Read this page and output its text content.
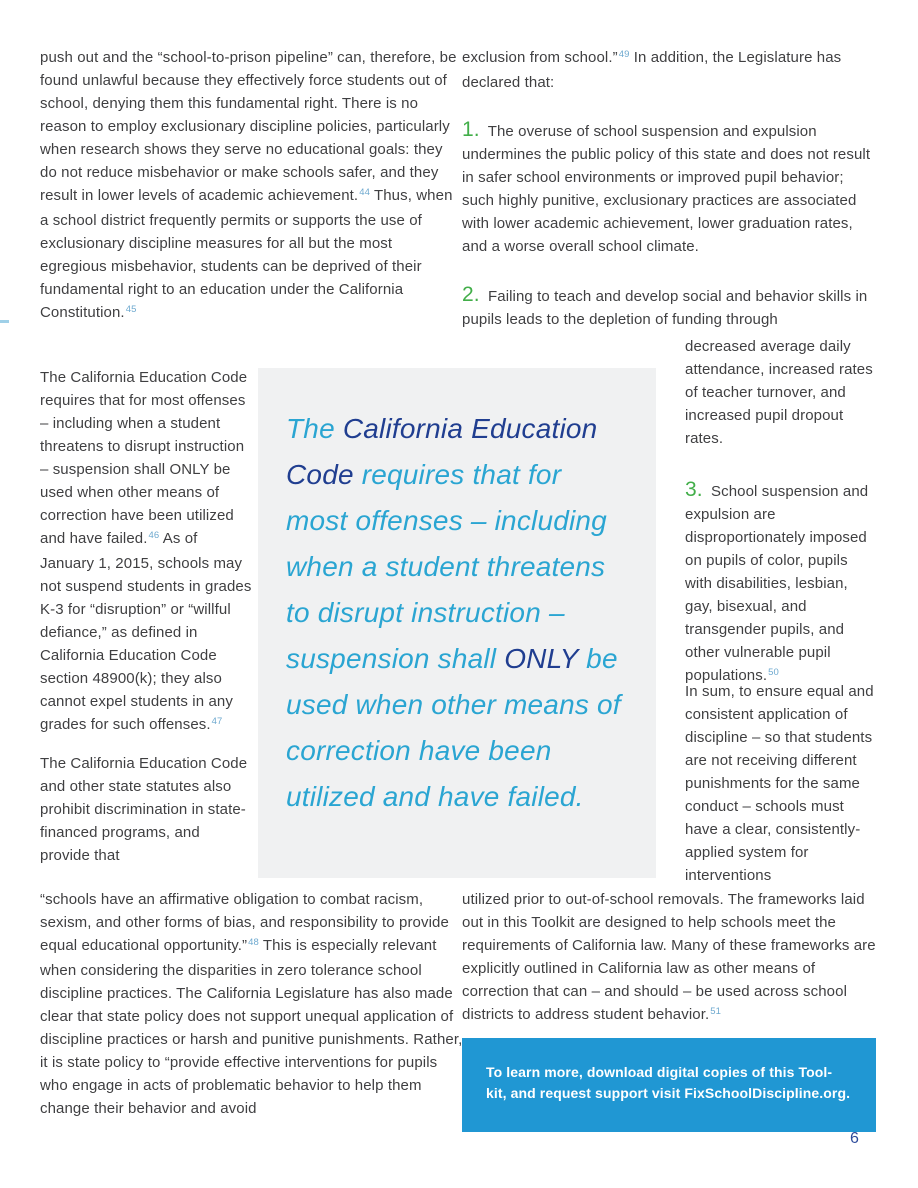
push out and the “school-to-prison pipeline” can, therefore, be found unlawful because they effectively force students out of school, denying them this fundamental right. There is no reason to employ exclusionary discipline policies, particularly when research shows they serve no educational goals: they do not reduce misbehavior or make schools safer, and they result in lower levels of academic achievement.$^{44}$ Thus, when a school district frequently permits or supports the use of exclusionary discipline measures for all but the most egregious misbehavior, students can be deprived of their fundamental right to an education under the California Constitution.$^{45}$
The California Education Code requires that for most offenses – including when a student threatens to disrupt instruction – suspension shall ONLY be used when other means of correction have been utilized and have failed.$^{46}$ As of January 1, 2015, schools may not suspend students in grades K-3 for “disruption” or “willful defiance,” as defined in California Education Code section 48900(k); they also cannot expel students in any grades for such offenses.$^{47}$
The California Education Code and other state statutes also prohibit discrimination in state-financed programs, and provide that
“schools have an affirmative obligation to combat racism, sexism, and other forms of bias, and responsibility to provide equal educational opportunity.”$^{48}$ This is especially relevant when considering the disparities in zero tolerance school discipline practices. The California Legislature has also made clear that state policy does not support unequal application of discipline practices or harsh and punitive punishments. Rather, it is state policy to “provide effective interventions for pupils who engage in acts of problematic behavior to help them change their behavior and avoid
exclusion from school.”$^{49}$ In addition, the Legislature has declared that:
1. The overuse of school suspension and expulsion undermines the public policy of this state and does not result in safer school environments or improved pupil behavior; such highly punitive, exclusionary practices are associated with lower academic achievement, lower graduation rates, and a worse overall school climate.
2. Failing to teach and develop social and behavior skills in pupils leads to the depletion of funding through
decreased average daily attendance, increased rates of teacher turnover, and increased pupil dropout rates.
3. School suspension and expulsion are disproportionately imposed on pupils of color, pupils with disabilities, lesbian, gay, bisexual, and transgender pupils, and other vulnerable pupil populations.$^{50}$
In sum, to ensure equal and consistent application of discipline – so that students are not receiving different punishments for the same conduct – schools must have a clear, consistently-applied system for interventions
utilized prior to out-of-school removals. The frameworks laid out in this Toolkit are designed to help schools meet the requirements of California law. Many of these frameworks are explicitly outlined in California law as other means of correction that can – and should – be used across school districts to address student behavior.$^{51}$
The California Education Code requires that for most offenses – including when a student threatens to disrupt instruction – suspension shall ONLY be used when other means of correction have been utilized and have failed.
To learn more, download digital copies of this Tool-
kit, and request support visit FixSchoolDiscipline.org.
6
